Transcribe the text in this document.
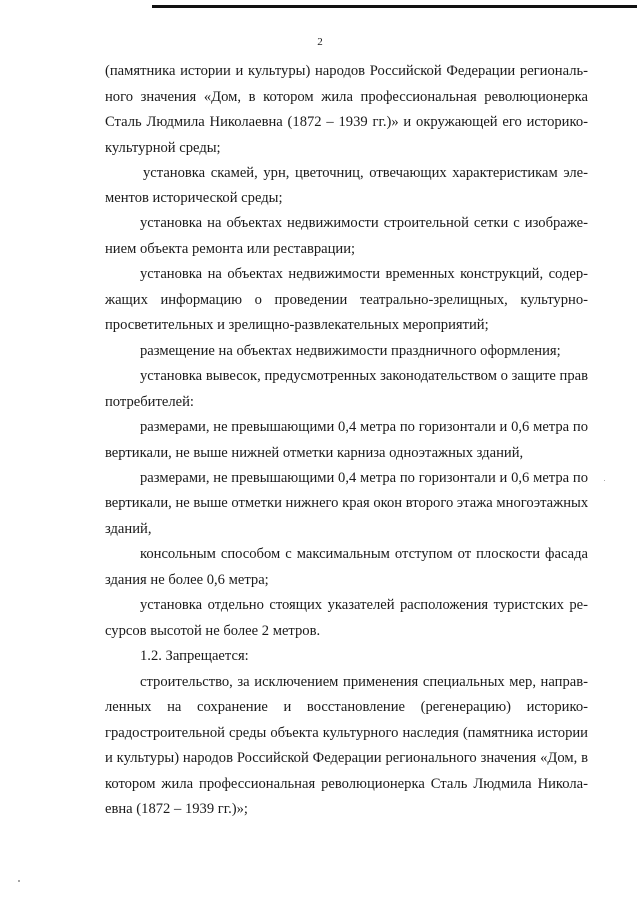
2
(памятника истории и культуры) народов Российской Федерации региональ-
ного значения «Дом, в котором жила профессиональная революционерка
Сталь Людмила Николаевна (1872 – 1939 гг.)» и окружающей его историко-
культурной среды;
установка скамей, урн, цветочниц, отвечающих характеристикам эле-
ментов исторической среды;
установка на объектах недвижимости строительной сетки с изображе-
нием объекта ремонта или реставрации;
установка на объектах недвижимости временных конструкций, содер-
жащих информацию о проведении театрально-зрелищных, культурно-
просветительных и зрелищно-развлекательных мероприятий;
размещение на объектах недвижимости праздничного оформления;
установка вывесок, предусмотренных законодательством о защите прав
потребителей:
размерами, не превышающими 0,4 метра по горизонтали и 0,6 метра по
вертикали, не выше нижней отметки карниза одноэтажных зданий,
размерами, не превышающими 0,4 метра по горизонтали и 0,6 метра по
вертикали, не выше отметки нижнего края окон второго этажа многоэтажных
зданий,
консольным способом с максимальным отступом от плоскости фасада
здания не более 0,6 метра;
установка отдельно стоящих указателей расположения туристских ре-
сурсов высотой не более 2 метров.
1.2. Запрещается:
строительство, за исключением применения специальных мер, направ-
ленных на сохранение и восстановление (регенерацию) историко-
градостроительной среды объекта культурного наследия (памятника истории
и культуры) народов Российской Федерации регионального значения «Дом, в
котором жила профессиональная революционерка Сталь Людмила Никола-
евна (1872 – 1939 гг.)»;
